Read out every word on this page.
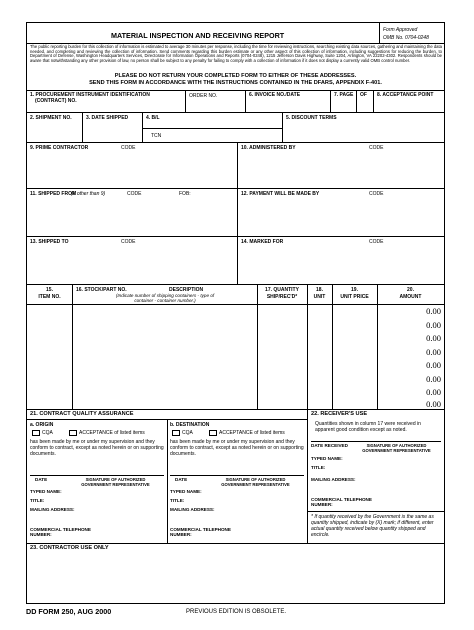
MATERIAL INSPECTION AND RECEIVING REPORT
Form Approved
OMB No. 0704-0248
The public reporting burden for this collection of information is estimated to average 30 minutes per response, including the time for reviewing instructions, searching existing data sources, gathering and maintaining the data needed, and completing and reviewing the collection of information. Send comments regarding this burden estimate or any other aspect of this collection of information, including suggestions for reducing the burden, to Department of Defense, Washington Headquarters Services, Directorate for Information Operations and Reports (0704-0248), 1215 Jefferson Davis Highway, Suite 1204, Arlington, VA 22202-4302. Respondents should be aware that notwithstanding any other provision of law, no person shall be subject to any penalty for failing to comply with a collection of information if it does not display a currently valid OMB control number.
PLEASE DO NOT RETURN YOUR COMPLETED FORM TO EITHER OF THESE ADDRESSES.
SEND THIS FORM IN ACCORDANCE WITH THE INSTRUCTIONS CONTAINED IN THE DFARS, APPENDIX F-401.
1. PROCUREMENT INSTRUMENT IDENTIFICATION
(CONTRACT) NO.
ORDER NO.	6. INVOICE NO./DATE	7. PAGE OF 8. ACCEPTANCE POINT
2. SHIPMENT NO.	3. DATE SHIPPED	4. B/L
TCN
5. DISCOUNT TERMS
9. PRIME CONTRACTOR	CODE	10. ADMINISTERED BY	CODE
11. SHIPPED FROM
(If other than 9)	CODE	FOB:	12. PAYMENT WILL BE MADE BY	CODE
13. SHIPPED TO	CODE	14. MARKED FOR	CODE
15.
ITEM NO.
16. STOCK/PART NO.	DESCRIPTION
(Indicate number of shipping containers - type of
container - container number.)
17. QUANTITY
SHIP/REC'D*
18.
UNIT
19.
UNIT PRICE
20.
AMOUNT
0.00
0.00
0.00
0.00
0.00
0.00
0.00
0.00
21. CONTRACT QUALITY ASSURANCE
a. ORIGIN
CQA	ACCEPTANCE of listed items
has been made by me or under my supervision and they conform to contract, except as noted herein or on supporting documents.
b. DESTINATION
CQA	ACCEPTANCE of listed items
has been made by me or under my supervision and they conform to contract, except as noted herein or on supporting documents.
DATE	SIGNATURE OF AUTHORIZED
GOVERNMENT REPRESENTATIVE
TYPED NAME:
TITLE:
MAILING ADDRESS:
COMMERCIAL TELEPHONE
NUMBER:
DATE	SIGNATURE OF AUTHORIZED
GOVERNMENT REPRESENTATIVE
TYPED NAME:
TITLE:
MAILING ADDRESS:
COMMERCIAL TELEPHONE
NUMBER:
22. RECEIVER'S USE
Quantities shown in column 17 were received in apparent good condition except as noted.
DATE RECEIVED	SIGNATURE OF AUTHORIZED
GOVERNMENT REPRESENTATIVE
TYPED NAME:
TITLE:
MAILING ADDRESS:
COMMERCIAL TELEPHONE
NUMBER:
* If quantity received by the Government is the same as quantity shipped, indicate by (X) mark; if different, enter actual quantity received below quantity shipped and encircle.
23. CONTRACTOR USE ONLY
DD FORM 250, AUG 2000	PREVIOUS EDITION IS OBSOLETE.
